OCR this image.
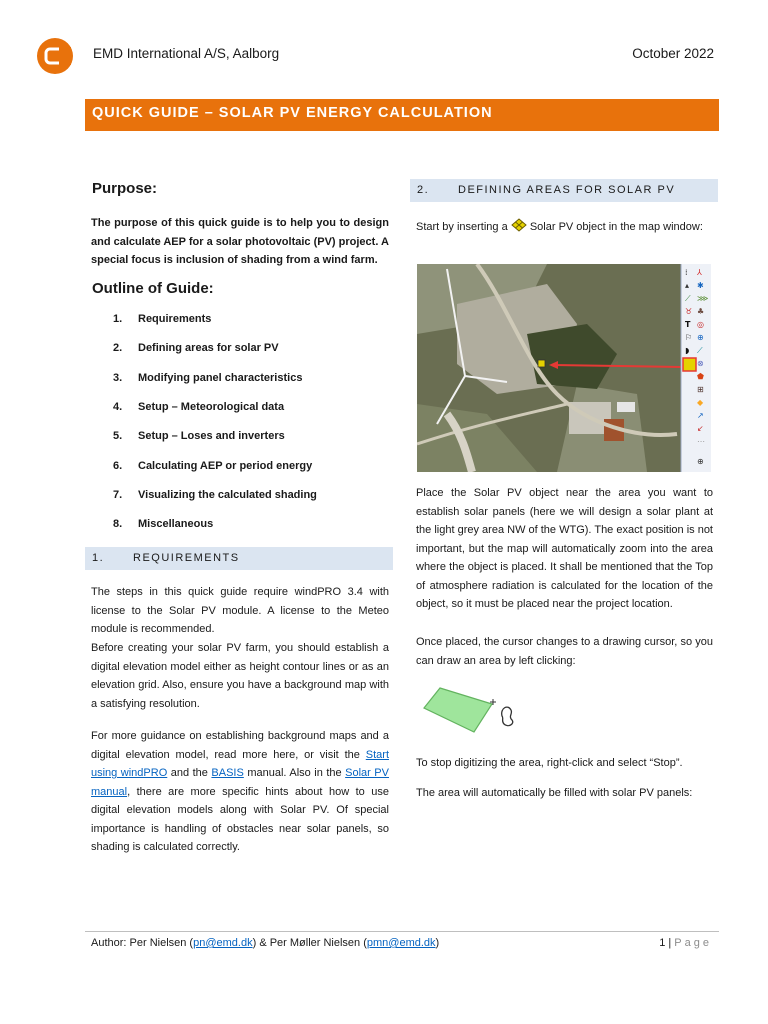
EMD International A/S, Aalborg	October 2022
QUICK GUIDE – SOLAR PV ENERGY CALCULATION
Purpose:
The purpose of this quick guide is to help you to design and calculate AEP for a solar photovoltaic (PV) project. A special focus is inclusion of shading from a wind farm.
Outline of Guide:
1. Requirements
2. Defining areas for solar PV
3. Modifying panel characteristics
4. Setup – Meteorological data
5. Setup – Loses and inverters
6. Calculating AEP or period energy
7. Visualizing the calculated shading
8. Miscellaneous
1.	REQUIREMENTS
The steps in this quick guide require windPRO 3.4 with license to the Solar PV module. A license to the Meteo module is recommended.
Before creating your solar PV farm, you should establish a digital elevation model either as height contour lines or as an elevation grid. Also, ensure you have a background map with a satisfying resolution.
For more guidance on establishing background maps and a digital elevation model, read more here, or visit the Start using windPRO and the BASIS manual. Also in the Solar PV manual, there are more specific hints about how to use digital elevation models along with Solar PV. Of special importance is handling of obstacles near solar panels, so shading is calculated correctly.
2.	DEFINING AREAS FOR SOLAR PV
Start by inserting a  Solar PV object in the map window:
⁞ ⅄
▴ ✱
⟋ ⋙
♉ ♣
T ◎
⚐ ⊕
◗ ⟋
⊗
⬟
⊞
◆
↗
↙
⋯
⊕
Place the Solar PV object near the area you want to establish solar panels (here we will design a solar plant at the light grey area NW of the WTG). The exact position is not important, but the map will automatically zoom into the area where the object is placed. It shall be mentioned that the Top of atmosphere radiation is calculated for the location of the object, so it must be placed near the project location.
Once placed, the cursor changes to a drawing cursor, so you can draw an area by left clicking:
To stop digitizing the area, right-click and select “Stop”.
The area will automatically be filled with solar PV panels:
Author: Per Nielsen (pn@emd.dk) & Per Møller Nielsen (pmn@emd.dk)	1 | Page
